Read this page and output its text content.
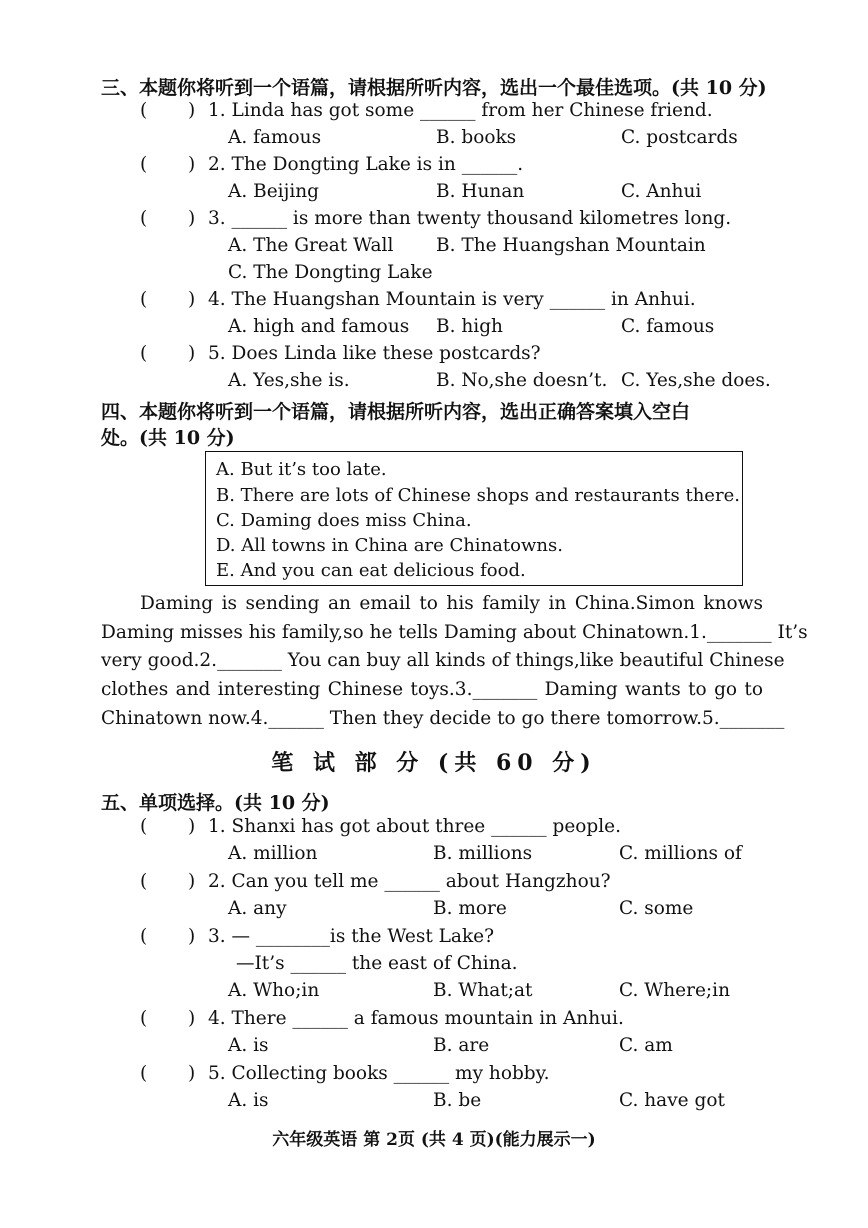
三、本题你将听到一个语篇，请根据所听内容，选出一个最佳选项。(共 10 分)
( ) 1. Linda has got some ______ from her Chinese friend.
A. famous	B. books	C. postcards
( ) 2. The Dongting Lake is in ______.
A. Beijing	B. Hunan	C. Anhui
( ) 3. ______ is more than twenty thousand kilometres long.
A. The Great Wall B. The Huangshan Mountain
C. The Dongting Lake
( ) 4. The Huangshan Mountain is very ______ in Anhui.
A. high and famous B. high	C. famous
( ) 5. Does Linda like these postcards?
A. Yes,she is.	B. No,she doesn’t. C. Yes,she does.
四、本题你将听到一个语篇，请根据所听内容，选出正确答案填入空白
处。(共 10 分)
A. But it’s too late.
B. There are lots of Chinese shops and restaurants there.
C. Daming does miss China.
D. All towns in China are Chinatowns.
E. And you can eat delicious food.
Daming is sending an email to his family in China.Simon knows
Daming misses his family,so he tells Daming about Chinatown.1._______ It’s
very good.2._______ You can buy all kinds of things,like beautiful Chinese
clothes and interesting Chinese toys.3._______ Daming wants to go to
Chinatown now.4.______ Then they decide to go there tomorrow.5._______
笔 试 部 分 (共 60 分)
五、单项选择。(共 10 分)
( ) 1. Shanxi has got about three ______ people.
A. million	B. millions	C. millions of
( ) 2. Can you tell me ______ about Hangzhou?
A. any	B. more	C. some
( ) 3. — ________is the West Lake?
—It’s ______ the east of China.
A. Who;in	B. What;at	C. Where;in
( ) 4. There ______ a famous mountain in Anhui.
A. is	B. are	C. am
( ) 5. Collecting books ______ my hobby.
A. is	B. be	C. have got
六年级英语 第 2页 (共 4 页)(能力展示一)
